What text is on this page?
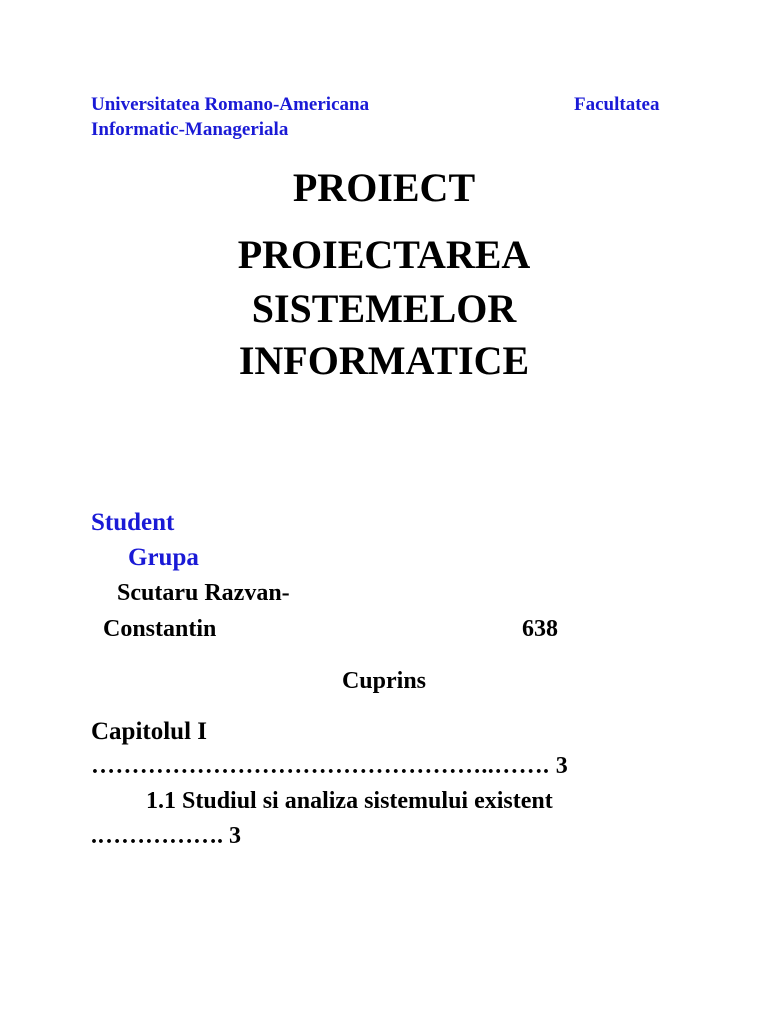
Universitatea Romano-Americana	Facultatea
Informatic-Manageriala
PROIECT
PROIECTAREA
SISTEMELOR
INFORMATICE
Student
Grupa
Scutaru Razvan-
Constantin	638
Cuprins
Capitolul I
…………………………………………..……. 3
1.1 Studiul si analiza sistemului existent
.……………. 3
